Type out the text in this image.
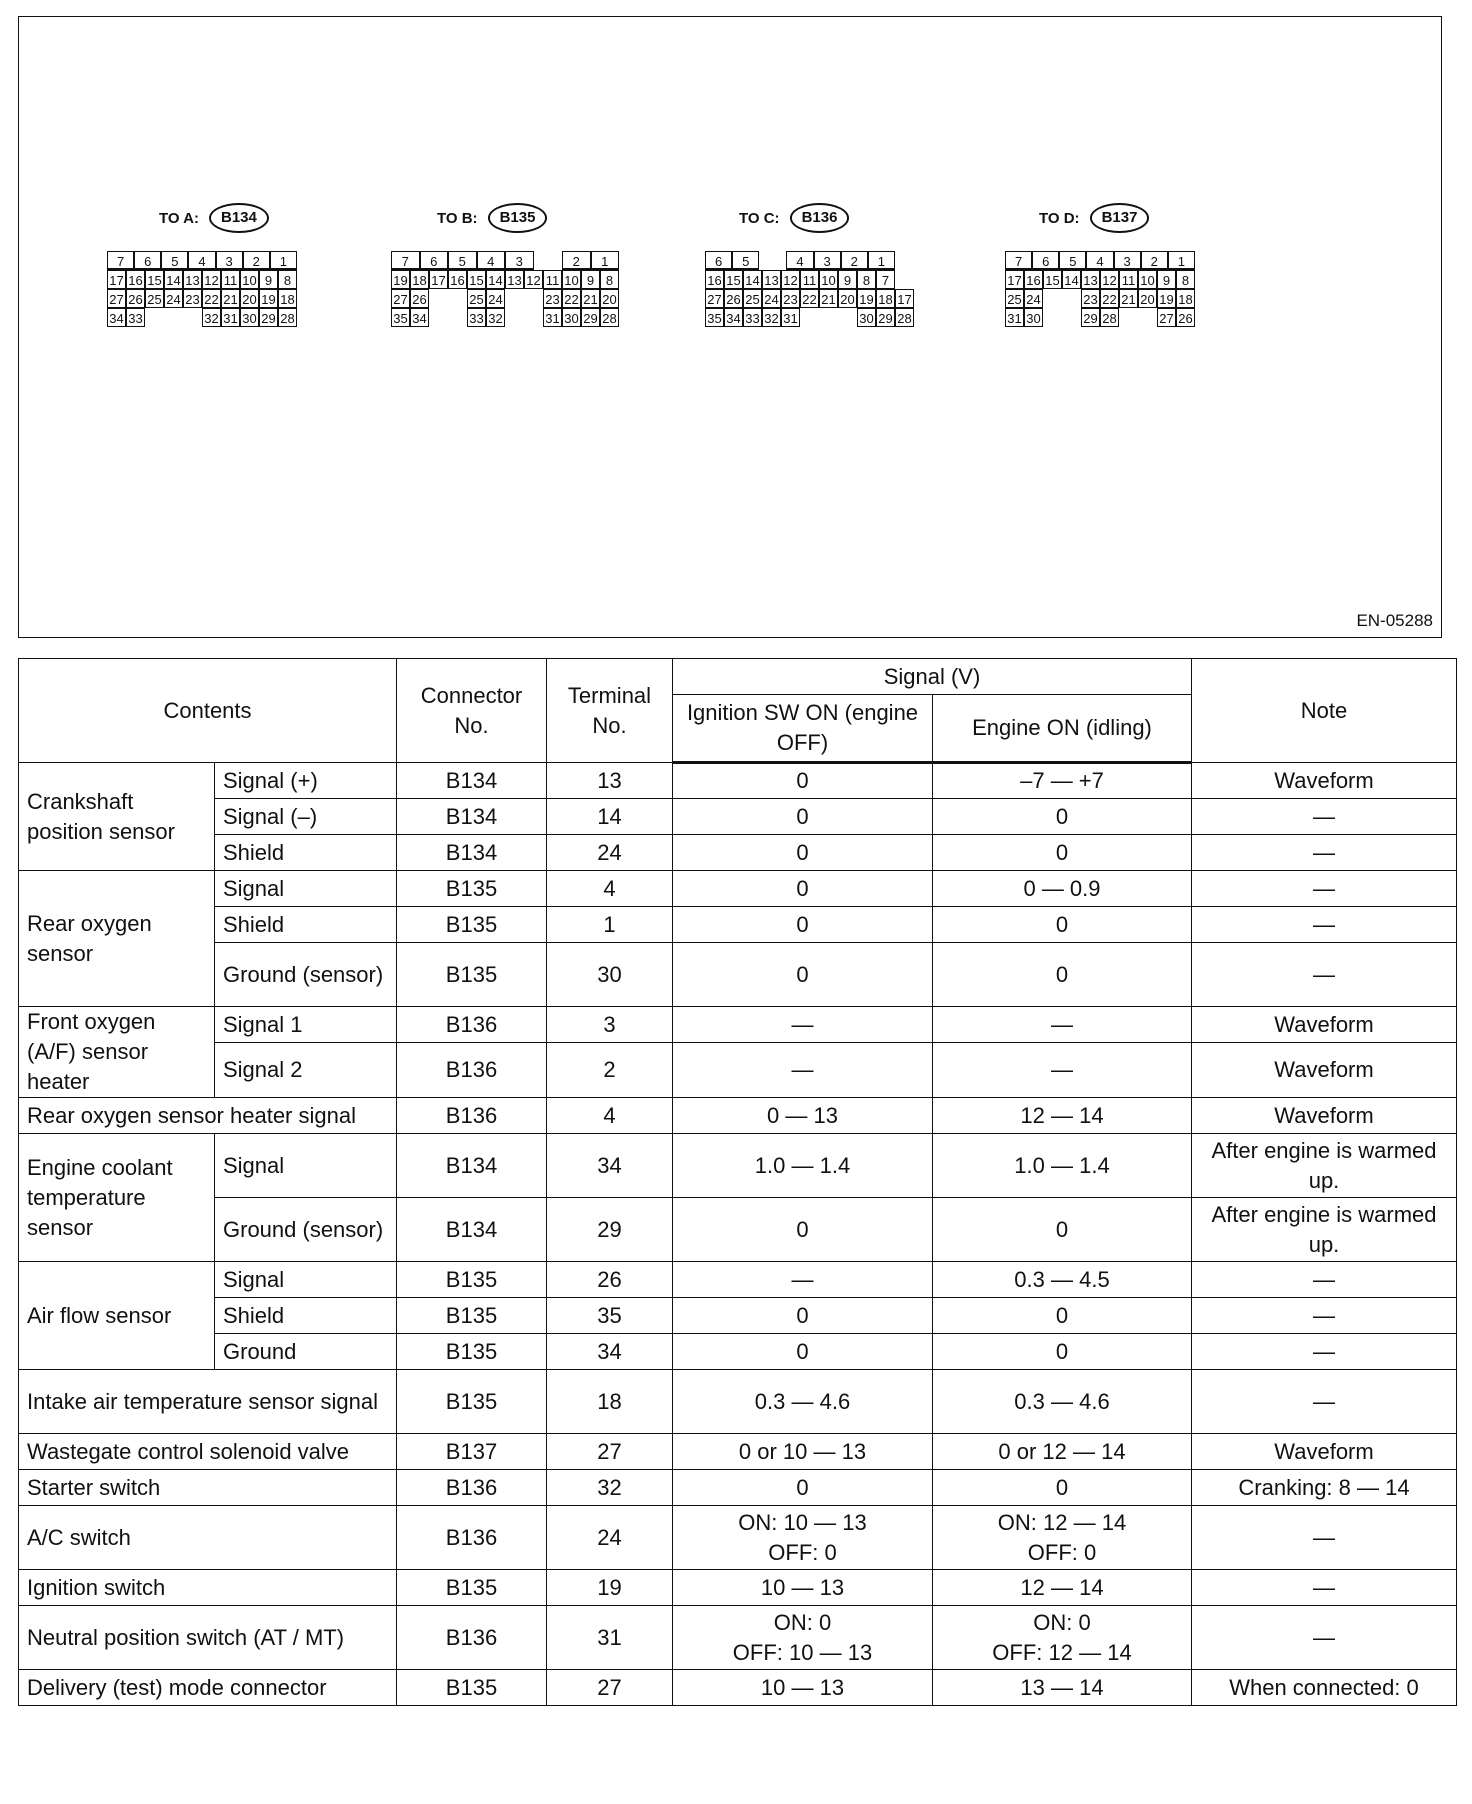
TO A:	B134
7	6	5	4	3	2	1
17 16 15 14 13 12 11 10 9 8
27 26 25 24 23 22 21 20 19 18
34 33	32 31 30 29 28
TO B:	B135
7	6	5	4	3	2	1
19 18 17 16 15 14 13 12 11 10 9 8
27 26	25 24	23 22 21 20
35 34	33 32	31 30 29 28
TO C:	B136
6	5	4	3	2	1
16 15 14 13 12 11 10 9 8 7
27 26 25 24 23 22 21 20 19 18 17
35 34 33 32 31	30 29 28
TO D:	B137
7	6	5	4	3	2	1
17 16 15 14 13 12 11 10 9 8
25 24	23 22 21 20 19 18
31 30	29 28	27 26
EN-05288
Contents		Connector No.	Terminal No.	Signal (V)		Note
				Ignition SW ON (engine OFF)	Engine ON (idling)	
Crankshaft position sensor	Signal (+)	B134	13	0	–7 — +7	Waveform
	Signal (–)	B134	14	0	0	—
	Shield	B134	24	0	0	—
Rear oxygen sensor	Signal	B135	4	0	0 — 0.9	—
	Shield	B135	1	0	0	—
	Ground (sensor)	B135	30	0	0	—
Front oxygen (A/F) sensor heater	Signal 1	B136	3	—	—	Waveform
	Signal 2	B136	2	—	—	Waveform
Rear oxygen sensor heater signal		B136	4	0 — 13	12 — 14	Waveform
Engine coolant temperature sensor	Signal	B134	34	1.0 — 1.4	1.0 — 1.4	After engine is warmed up.
	Ground (sensor)	B134	29	0	0	After engine is warmed up.
Air flow sensor	Signal	B135	26	—	0.3 — 4.5	—
	Shield	B135	35	0	0	—
	Ground	B135	34	0	0	—
Intake air temperature sensor signal		B135	18	0.3 — 4.6	0.3 — 4.6	—
Wastegate control solenoid valve		B137	27	0 or 10 — 13	0 or 12 — 14	Waveform
Starter switch		B136	32	0	0	Cranking: 8 — 14
A/C switch		B136	24	ON: 10 — 13
OFF: 0	ON: 12 — 14
OFF: 0	—
Ignition switch		B135	19	10 — 13	12 — 14	—
Neutral position switch (AT / MT)		B136	31	ON: 0
OFF: 10 — 13	ON: 0
OFF: 12 — 14	—
Delivery (test) mode connector		B135	27	10 — 13	13 — 14	When connected: 0
